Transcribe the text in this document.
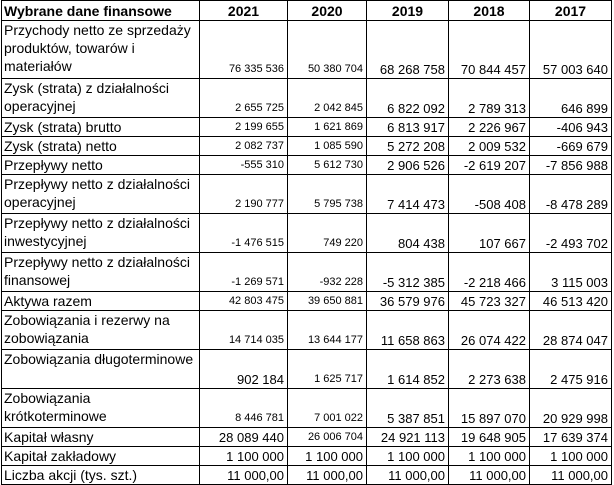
Wybrane dane finansowe	2021	2020	2019	2018	2017
Przychody netto ze sprzedaży produktów, towarów i materiałów	76 335 536	50 380 704	68 268 758	70 844 457	57 003 640
Zysk (strata) z działalności operacyjnej	2 655 725	2 042 845	6 822 092	2 789 313	646 899
Zysk (strata) brutto	2 199 655	1 621 869	6 813 917	2 226 967	-406 943
Zysk (strata) netto	2 082 737	1 085 590	5 272 208	2 009 532	-669 679
Przepływy netto	-555 310	5 612 730	2 906 526	-2 619 207	-7 856 988
Przepływy netto z działalności operacyjnej	2 190 777	5 795 738	7 414 473	-508 408	-8 478 289
Przepływy netto z działalności inwestycyjnej	-1 476 515	749 220	804 438	107 667	-2 493 702
Przepływy netto z działalności finansowej	-1 269 571	-932 228	-5 312 385	-2 218 466	3 115 003
Aktywa razem	42 803 475	39 650 881	36 579 976	45 723 327	46 513 420
Zobowiązania i rezerwy na zobowiązania	14 714 035	13 644 177	11 658 863	26 074 422	28 874 047
Zobowiązania długoterminowe	902 184	1 625 717	1 614 852	2 273 638	2 475 916
Zobowiązania krótkoterminowe	8 446 781	7 001 022	5 387 851	15 897 070	20 929 998
Kapitał własny	28 089 440	26 006 704	24 921 113	19 648 905	17 639 374
Kapitał zakładowy	1 100 000	1 100 000	1 100 000	1 100 000	1 100 000
Liczba akcji (tys. szt.)	11 000,00	11 000,00	11 000,00	11 000,00	11 000,00
